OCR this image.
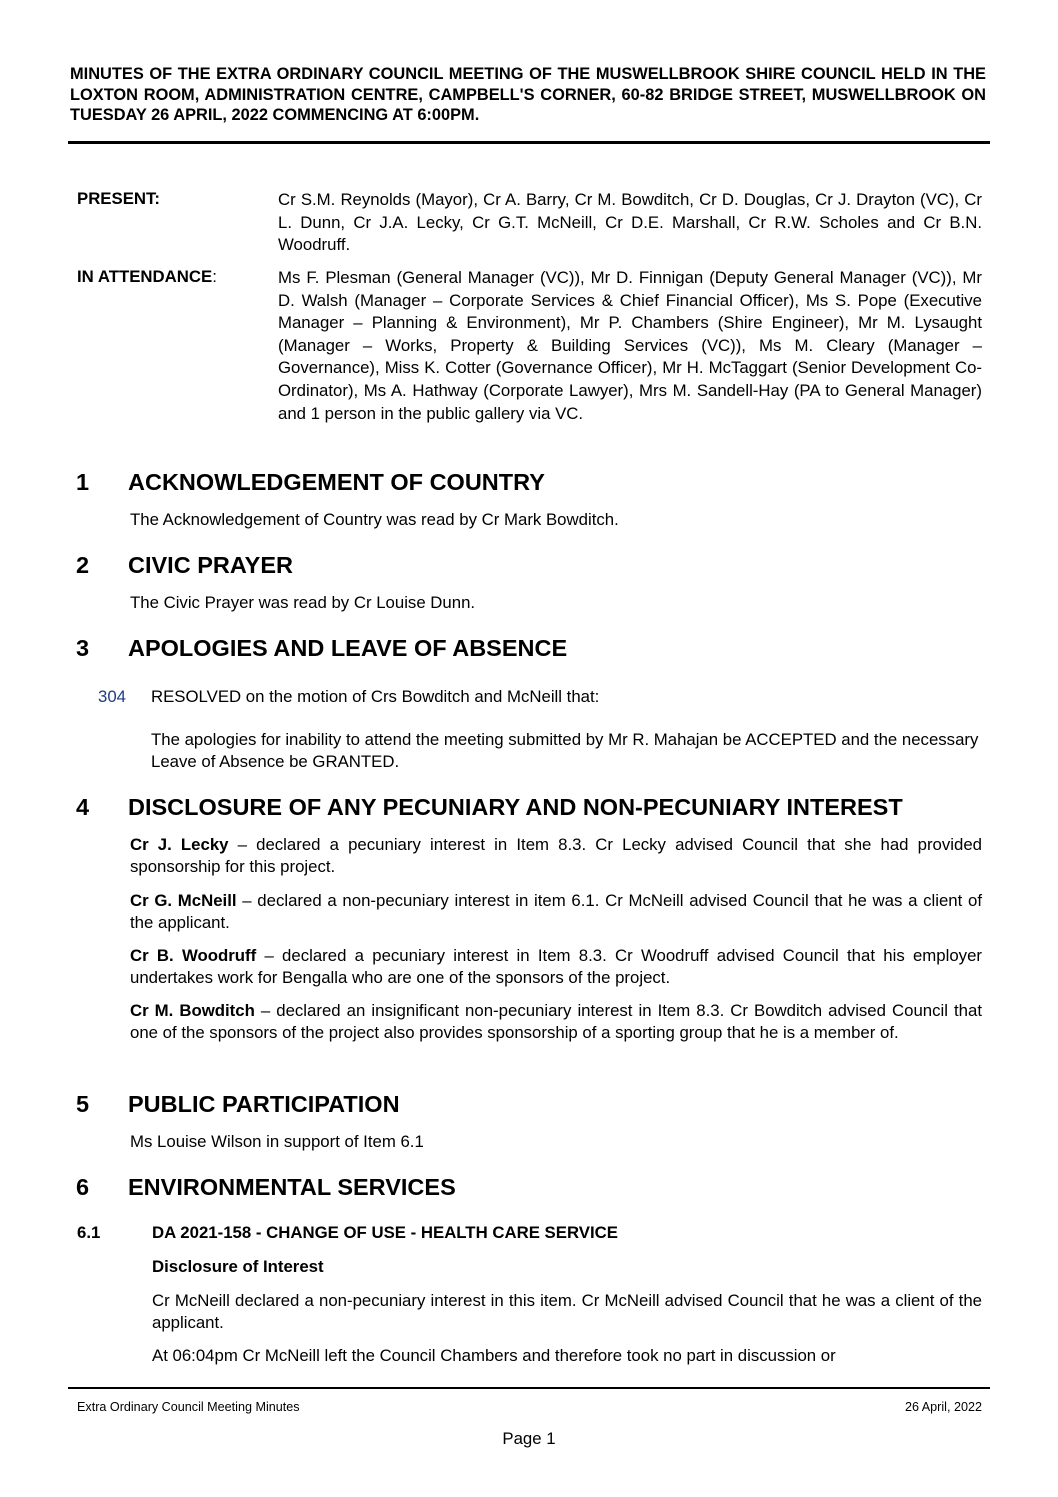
MINUTES OF THE EXTRA ORDINARY COUNCIL MEETING OF THE MUSWELLBROOK SHIRE COUNCIL HELD IN THE LOXTON ROOM, ADMINISTRATION CENTRE, CAMPBELL'S CORNER, 60-82 BRIDGE STREET, MUSWELLBROOK ON TUESDAY 26 APRIL, 2022 COMMENCING AT 6:00PM.
PRESENT:	Cr S.M. Reynolds (Mayor), Cr A. Barry, Cr M. Bowditch, Cr D. Douglas, Cr J. Drayton (VC), Cr L. Dunn, Cr J.A. Lecky, Cr G.T. McNeill, Cr D.E. Marshall, Cr R.W. Scholes and Cr B.N. Woodruff.
IN ATTENDANCE:	Ms F. Plesman (General Manager (VC)), Mr D. Finnigan (Deputy General Manager (VC)), Mr D. Walsh (Manager – Corporate Services & Chief Financial Officer), Ms S. Pope (Executive Manager – Planning & Environment), Mr P. Chambers (Shire Engineer), Mr M. Lysaught (Manager – Works, Property & Building Services (VC)), Ms M. Cleary (Manager – Governance), Miss K. Cotter (Governance Officer), Mr H. McTaggart (Senior Development Co-Ordinator), Ms A. Hathway (Corporate Lawyer), Mrs M. Sandell-Hay (PA to General Manager) and 1 person in the public gallery via VC.
1 ACKNOWLEDGEMENT OF COUNTRY
The Acknowledgement of Country was read by Cr Mark Bowditch.
2 CIVIC PRAYER
The Civic Prayer was read by Cr Louise Dunn.
3 APOLOGIES AND LEAVE OF ABSENCE
304 RESOLVED on the motion of Crs Bowditch and McNeill that:
The apologies for inability to attend the meeting submitted by Mr R. Mahajan be ACCEPTED and the necessary Leave of Absence be GRANTED.
4 DISCLOSURE OF ANY PECUNIARY AND NON-PECUNIARY INTEREST
Cr J. Lecky – declared a pecuniary interest in Item 8.3. Cr Lecky advised Council that she had provided sponsorship for this project.
Cr G. McNeill – declared a non-pecuniary interest in item 6.1. Cr McNeill advised Council that he was a client of the applicant.
Cr B. Woodruff – declared a pecuniary interest in Item 8.3. Cr Woodruff advised Council that his employer undertakes work for Bengalla who are one of the sponsors of the project.
Cr M. Bowditch – declared an insignificant non-pecuniary interest in Item 8.3. Cr Bowditch advised Council that one of the sponsors of the project also provides sponsorship of a sporting group that he is a member of.
5 PUBLIC PARTICIPATION
Ms Louise Wilson in support of Item 6.1
6 ENVIRONMENTAL SERVICES
6.1	DA 2021-158 - CHANGE OF USE - HEALTH CARE SERVICE
Disclosure of Interest
Cr McNeill declared a non-pecuniary interest in this item. Cr McNeill advised Council that he was a client of the applicant.
At 06:04pm Cr McNeill left the Council Chambers and therefore took no part in discussion or
Extra Ordinary Council Meeting Minutes	26 April, 2022
Page 1
